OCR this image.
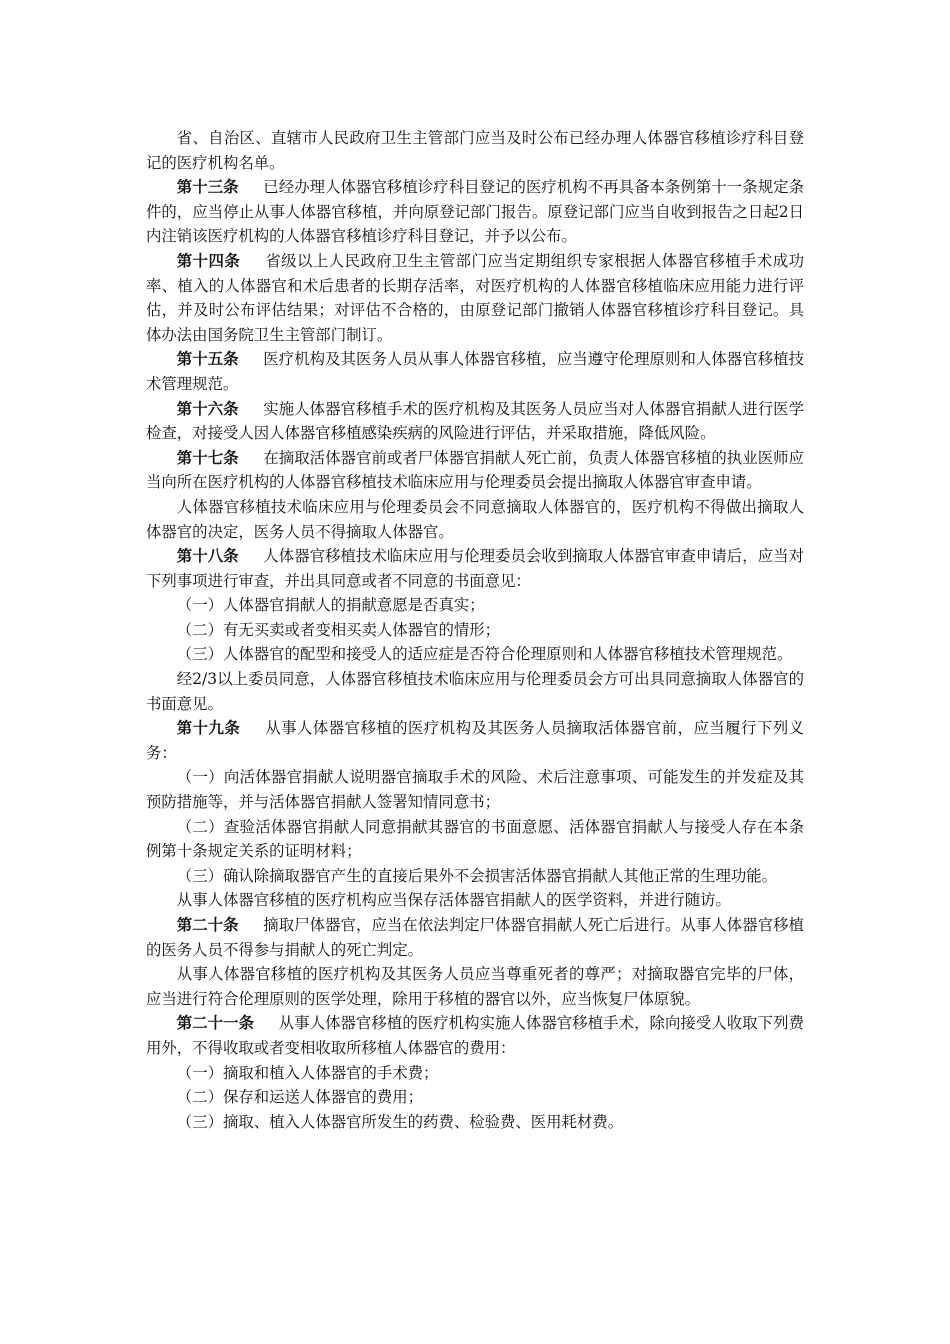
省、自治区、直辖市人民政府卫生主管部门应当及时公布已经办理人体器官移植诊疗科目登记的医疗机构名单。

第十三条 已经办理人体器官移植诊疗科目登记的医疗机构不再具备本条例第十一条规定条件的，应当停止从事人体器官移植，并向原登记部门报告。原登记部门应当自收到报告之日起2日内注销该医疗机构的人体器官移植诊疗科目登记，并予以公布。

第十四条 省级以上人民政府卫生主管部门应当定期组织专家根据人体器官移植手术成功率、植入的人体器官和术后患者的长期存活率，对医疗机构的人体器官移植临床应用能力进行评估，并及时公布评估结果；对评估不合格的，由原登记部门撤销人体器官移植诊疗科目登记。具体办法由国务院卫生主管部门制订。

第十五条 医疗机构及其医务人员从事人体器官移植，应当遵守伦理原则和人体器官移植技术管理规范。

第十六条 实施人体器官移植手术的医疗机构及其医务人员应当对人体器官捐献人进行医学检查，对接受人因人体器官移植感染疾病的风险进行评估，并采取措施，降低风险。

第十七条 在摘取活体器官前或者尸体器官捐献人死亡前，负责人体器官移植的执业医师应当向所在医疗机构的人体器官移植技术临床应用与伦理委员会提出摘取人体器官审查申请。

人体器官移植技术临床应用与伦理委员会不同意摘取人体器官的，医疗机构不得做出摘取人体器官的决定，医务人员不得摘取人体器官。

第十八条 人体器官移植技术临床应用与伦理委员会收到摘取人体器官审查申请后，应当对下列事项进行审查，并出具同意或者不同意的书面意见：

（一）人体器官捐献人的捐献意愿是否真实；

（二）有无买卖或者变相买卖人体器官的情形；

（三）人体器官的配型和接受人的适应症是否符合伦理原则和人体器官移植技术管理规范。

经2/3以上委员同意，人体器官移植技术临床应用与伦理委员会方可出具同意摘取人体器官的书面意见。

第十九条 从事人体器官移植的医疗机构及其医务人员摘取活体器官前，应当履行下列义务：

（一）向活体器官捐献人说明器官摘取手术的风险、术后注意事项、可能发生的并发症及其预防措施等，并与活体器官捐献人签署知情同意书；

（二）查验活体器官捐献人同意捐献其器官的书面意愿、活体器官捐献人与接受人存在本条例第十条规定关系的证明材料；

（三）确认除摘取器官产生的直接后果外不会损害活体器官捐献人其他正常的生理功能。

从事人体器官移植的医疗机构应当保存活体器官捐献人的医学资料，并进行随访。

第二十条 摘取尸体器官，应当在依法判定尸体器官捐献人死亡后进行。从事人体器官移植的医务人员不得参与捐献人的死亡判定。

从事人体器官移植的医疗机构及其医务人员应当尊重死者的尊严；对摘取器官完毕的尸体，应当进行符合伦理原则的医学处理，除用于移植的器官以外，应当恢复尸体原貌。

第二十一条 从事人体器官移植的医疗机构实施人体器官移植手术，除向接受人收取下列费用外，不得收取或者变相收取所移植人体器官的费用：

（一）摘取和植入人体器官的手术费；

（二）保存和运送人体器官的费用；

（三）摘取、植入人体器官所发生的药费、检验费、医用耗材费。
